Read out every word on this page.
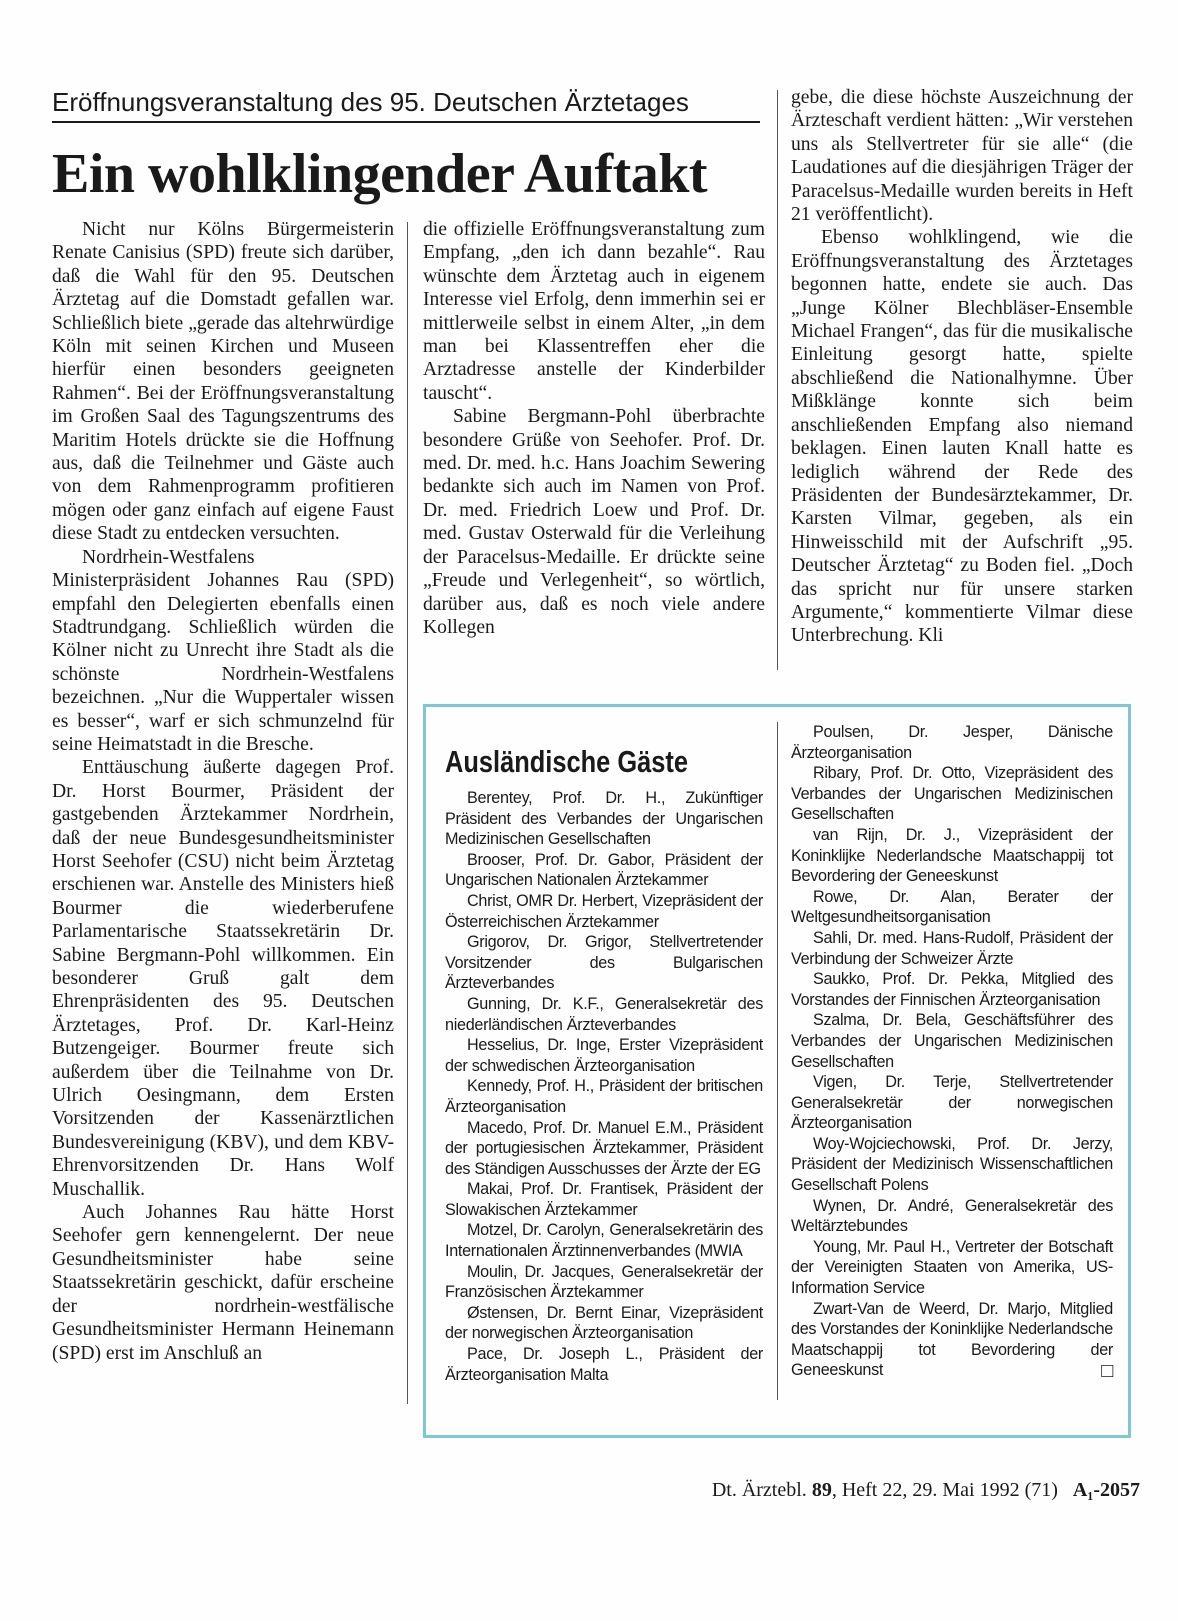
Eröffnungsveranstaltung des 95. Deutschen Ärztetages
Ein wohlklingender Auftakt

Nicht nur Kölns Bürgermeisterin Renate Canisius (SPD) freute sich darüber, daß die Wahl für den 95. Deutschen Ärztetag auf die Domstadt gefallen war. Schließlich biete „gerade das altehrwürdige Köln mit seinen Kirchen und Museen hierfür einen besonders geeigneten Rahmen“. Bei der Eröffnungsveranstaltung im Großen Saal des Tagungszentrums des Maritim Hotels drückte sie die Hoffnung aus, daß die Teilnehmer und Gäste auch von dem Rahmenprogramm profitieren mögen oder ganz einfach auf eigene Faust diese Stadt zu entdecken versuchten.

Nordrhein-Westfalens Ministerpräsident Johannes Rau (SPD) empfahl den Delegierten ebenfalls einen Stadtrundgang. Schließlich würden die Kölner nicht zu Unrecht ihre Stadt als die schönste Nordrhein-Westfalens bezeichnen. „Nur die Wuppertaler wissen es besser“, warf er sich schmunzelnd für seine Heimatstadt in die Bresche.

Enttäuschung äußerte dagegen Prof. Dr. Horst Bourmer, Präsident der gastgebenden Ärztekammer Nordrhein, daß der neue Bundesgesundheitsminister Horst Seehofer (CSU) nicht beim Ärztetag erschienen war. Anstelle des Ministers hieß Bourmer die wiederberufene Parlamentarische Staatssekretärin Dr. Sabine Bergmann-Pohl willkommen. Ein besonderer Gruß galt dem Ehrenpräsidenten des 95. Deutschen Ärztetages, Prof. Dr. Karl-Heinz Butzengeiger. Bourmer freute sich außerdem über die Teilnahme von Dr. Ulrich Oesingmann, dem Ersten Vorsitzenden der Kassenärztlichen Bundesvereinigung (KBV), und dem KBV-Ehrenvorsitzenden Dr. Hans Wolf Muschallik.

Auch Johannes Rau hätte Horst Seehofer gern kennengelernt. Der neue Gesundheitsminister habe seine Staatssekretärin geschickt, dafür erscheine der nordrhein-westfälische Gesundheitsminister Hermann Heinemann (SPD) erst im Anschluß an

die offizielle Eröffnungsveranstaltung zum Empfang, „den ich dann bezahle“. Rau wünschte dem Ärztetag auch in eigenem Interesse viel Erfolg, denn immerhin sei er mittlerweile selbst in einem Alter, „in dem man bei Klassentreffen eher die Arztadresse anstelle der Kinderbilder tauscht“.

Sabine Bergmann-Pohl überbrachte besondere Grüße von Seehofer. Prof. Dr. med. Dr. med. h.c. Hans Joachim Sewering bedankte sich auch im Namen von Prof. Dr. med. Friedrich Loew und Prof. Dr. med. Gustav Osterwald für die Verleihung der Paracelsus-Medaille. Er drückte seine „Freude und Verlegenheit“, so wörtlich, darüber aus, daß es noch viele andere Kollegen

gebe, die diese höchste Auszeichnung der Ärzteschaft verdient hätten: „Wir verstehen uns als Stellvertreter für sie alle“ (die Laudationes auf die diesjährigen Träger der Paracelsus-Medaille wurden bereits in Heft 21 veröffentlicht).

Ebenso wohlklingend, wie die Eröffnungsveranstaltung des Ärztetages begonnen hatte, endete sie auch. Das „Junge Kölner Blechbläser-Ensemble Michael Frangen“, das für die musikalische Einleitung gesorgt hatte, spielte abschließend die Nationalhymne. Über Mißklänge konnte sich beim anschließenden Empfang also niemand beklagen. Einen lauten Knall hatte es lediglich während der Rede des Präsidenten der Bundesärztekammer, Dr. Karsten Vilmar, gegeben, als ein Hinweisschild mit der Aufschrift „95. Deutscher Ärztetag“ zu Boden fiel. „Doch das spricht nur für unsere starken Argumente,“ kommentierte Vilmar diese Unterbrechung. Kli

Ausländische Gäste

Berentey, Prof. Dr. H., Zukünftiger Präsident des Verbandes der Ungarischen Medizinischen Gesellschaften

Brooser, Prof. Dr. Gabor, Präsident der Ungarischen Nationalen Ärztekammer

Christ, OMR Dr. Herbert, Vizepräsident der Österreichischen Ärztekammer

Grigorov, Dr. Grigor, Stellvertretender Vorsitzender des Bulgarischen Ärzteverbandes

Gunning, Dr. K.F., Generalsekretär des niederländischen Ärzteverbandes

Hesselius, Dr. Inge, Erster Vizepräsident der schwedischen Ärzteorganisation

Kennedy, Prof. H., Präsident der britischen Ärzteorganisation

Macedo, Prof. Dr. Manuel E.M., Präsident der portugiesischen Ärztekammer, Präsident des Ständigen Ausschusses der Ärzte der EG

Makai, Prof. Dr. Frantisek, Präsident der Slowakischen Ärztekammer

Motzel, Dr. Carolyn, Generalsekretärin des Internationalen Ärztinnenverbandes (MWIA

Moulin, Dr. Jacques, Generalsekretär der Französischen Ärztekammer

Østensen, Dr. Bernt Einar, Vizepräsident der norwegischen Ärzteorganisation

Pace, Dr. Joseph L., Präsident der Ärzteorganisation Malta

Poulsen, Dr. Jesper, Dänische Ärzteorganisation

Ribary, Prof. Dr. Otto, Vizepräsident des Verbandes der Ungarischen Medizinischen Gesellschaften

van Rijn, Dr. J., Vizepräsident der Koninklijke Nederlandsche Maatschappij tot Bevordering der Geneeskunst

Rowe, Dr. Alan, Berater der Weltgesundheitsorganisation

Sahli, Dr. med. Hans-Rudolf, Präsident der Verbindung der Schweizer Ärzte

Saukko, Prof. Dr. Pekka, Mitglied des Vorstandes der Finnischen Ärzteorganisation

Szalma, Dr. Bela, Geschäftsführer des Verbandes der Ungarischen Medizinischen Gesellschaften

Vigen, Dr. Terje, Stellvertretender Generalsekretär der norwegischen Ärzteorganisation

Woy-Wojciechowski, Prof. Dr. Jerzy, Präsident der Medizinisch Wissenschaftlichen Gesellschaft Polens

Wynen, Dr. André, Generalsekretär des Weltärztebundes

Young, Mr. Paul H., Vertreter der Botschaft der Vereinigten Staaten von Amerika, US-Information Service

Zwart-Van de Weerd, Dr. Marjo, Mitglied des Vorstandes der Koninklijke Nederlandsche Maatschappij tot Bevordering der Geneeskunst	□
Dt. Ärztebl. 89, Heft 22, 29. Mai 1992 (71) A₁-2057
